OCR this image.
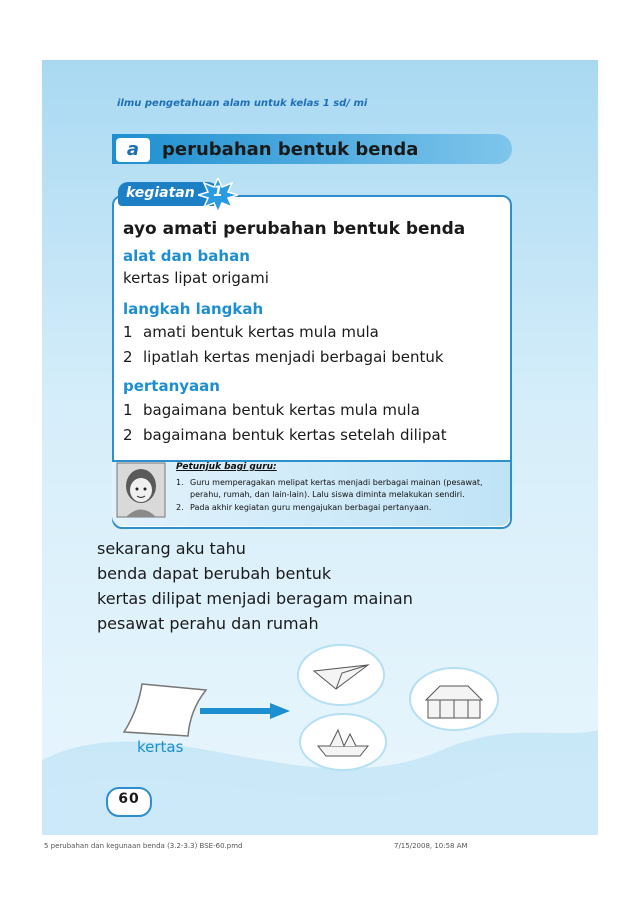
ilmu pengetahuan alam untuk kelas 1 sd/ mi
a	perubahan bentuk benda
kegiatan	1
ayo amati perubahan bentuk benda
alat dan bahan
kertas lipat origami
langkah langkah
1 amati bentuk kertas mula mula
2 lipatlah kertas menjadi berbagai bentuk
pertanyaan
1 bagaimana bentuk kertas mula mula
2 bagaimana bentuk kertas setelah dilipat
Petunjuk bagi guru:
1. Guru memperagakan melipat kertas menjadi berbagai mainan (pesawat,
perahu, rumah, dan lain-lain). Lalu siswa diminta melakukan sendiri.
2. Pada akhir kegiatan guru mengajukan berbagai pertanyaan.
sekarang aku tahu
benda dapat berubah bentuk
kertas dilipat menjadi beragam mainan
pesawat perahu dan rumah
kertas
60
5 perubahan dan kegunaan benda (3.2-3.3) BSE-60.pmd	7/15/2008, 10:58 AM
